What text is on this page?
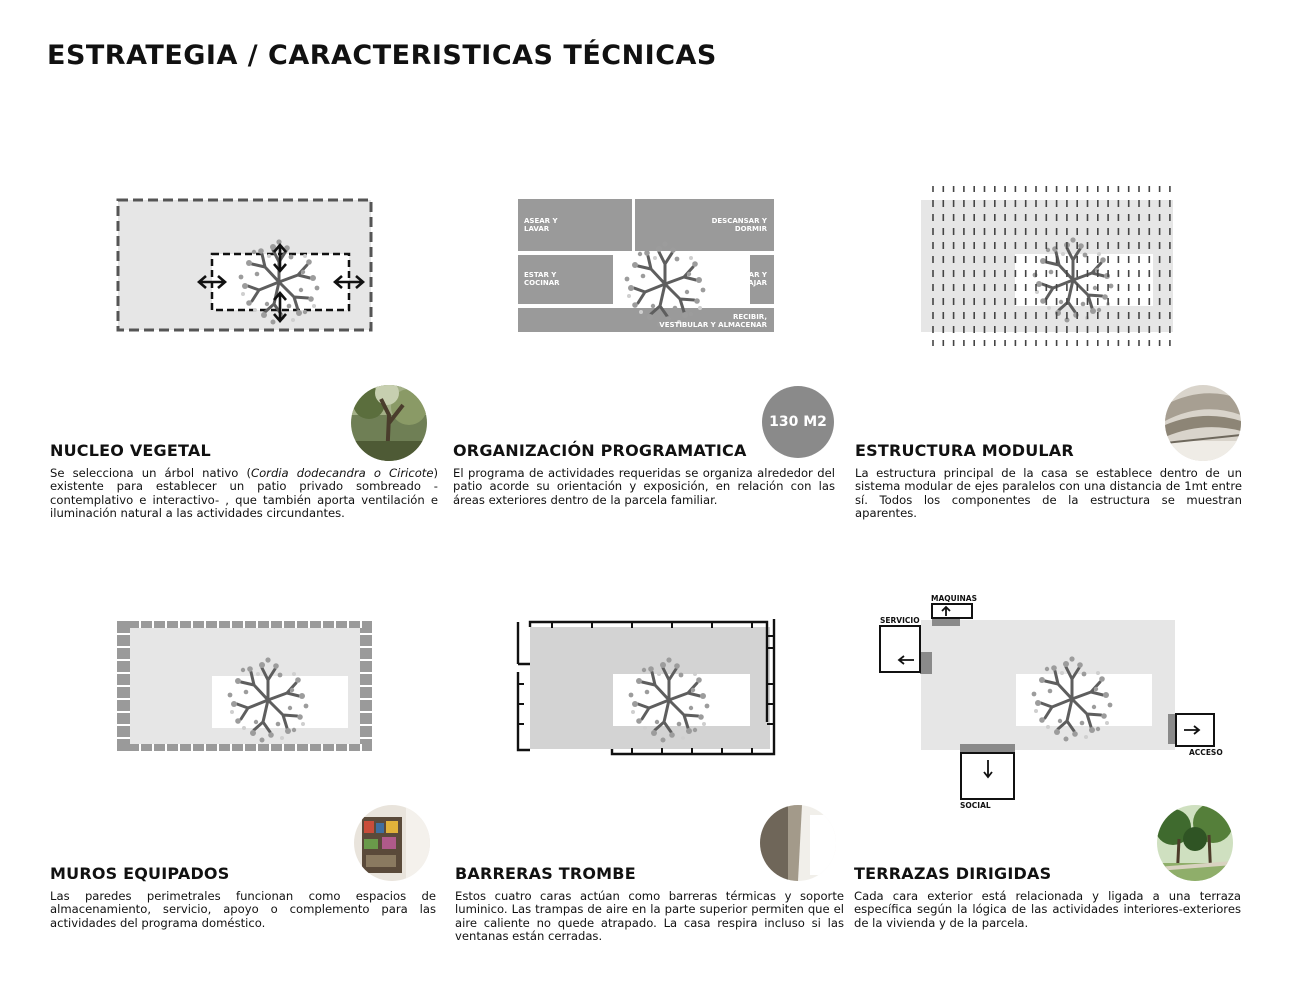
ESTRATEGIA / CARACTERISTICAS TÉCNICAS
NUCLEO VEGETAL

Se selecciona un árbol nativo (Cordia dodecandra o Ciricote) existente para establecer un patio privado sombreado -contemplativo e interactivo- , que también aporta ventilación e iluminación natural a las actividades circundantes.

ASEAR Y
LAVAR
DESCANSAR Y
DORMIR
ESTAR Y
COCINAR
ESTUDIAR Y
TRABAJAR
RECIBIR,
VESTIBULAR Y ALMACENAR
130 M2
ORGANIZACIÓN PROGRAMATICA

El programa de actividades requeridas se organiza alrededor del patio acorde su orientación y exposición, en relación con las áreas exteriores dentro de la parcela familiar.

ESTRUCTURA MODULAR

La estructura principal de la casa se establece dentro de un sistema modular de ejes paralelos con una distancia de 1mt entre sí. Todos los componentes de la estructura se muestran aparentes.

MUROS EQUIPADOS

Las paredes perimetrales funcionan como espacios de almacenamiento, servicio, apoyo o complemento para las actividades del programa doméstico.

BARRERAS TROMBE

Estos cuatro caras actúan como barreras térmicas y soporte luminico. Las trampas de aire en la parte superior permiten que el aire caliente no quede atrapado. La casa respira incluso si las ventanas están cerradas.

MAQUINAS
SERVICIO
ACCESO
SOCIAL
TERRAZAS DIRIGIDAS

Cada cara exterior está relacionada y ligada a una terraza específica según la lógica de las actividades interiores-exteriores de la vivienda y de la parcela.
